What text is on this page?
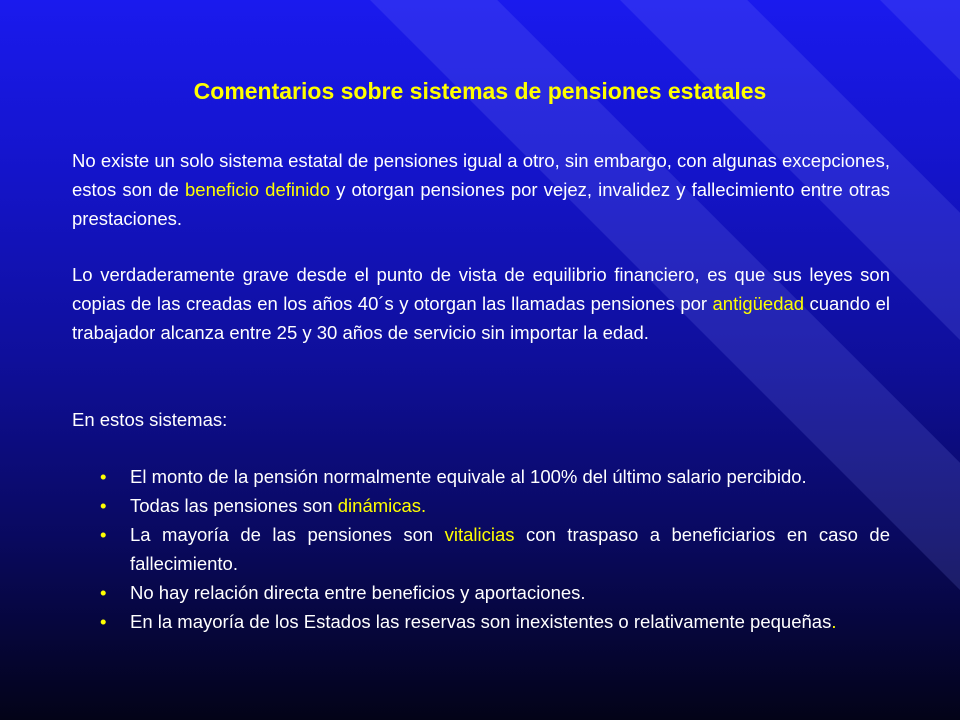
Comentarios sobre sistemas de pensiones estatales

No existe un solo sistema estatal de pensiones igual a otro, sin embargo, con algunas excepciones, estos son de beneficio definido y otorgan pensiones por vejez, invalidez y fallecimiento entre otras prestaciones.

Lo verdaderamente grave desde el punto de vista de equilibrio financiero, es que sus leyes son copias de las creadas en los años 40´s y otorgan las llamadas pensiones por antigüedad cuando el trabajador alcanza entre 25 y 30 años de servicio sin importar la edad.

En estos sistemas:

• El monto de la pensión normalmente equivale al 100% del último salario percibido.
• Todas las pensiones son dinámicas.
• La mayoría de las pensiones son vitalicias con traspaso a beneficiarios en caso de fallecimiento.
• No hay relación directa entre beneficios y aportaciones.
• En la mayoría de los Estados las reservas son inexistentes o relativamente pequeñas.
